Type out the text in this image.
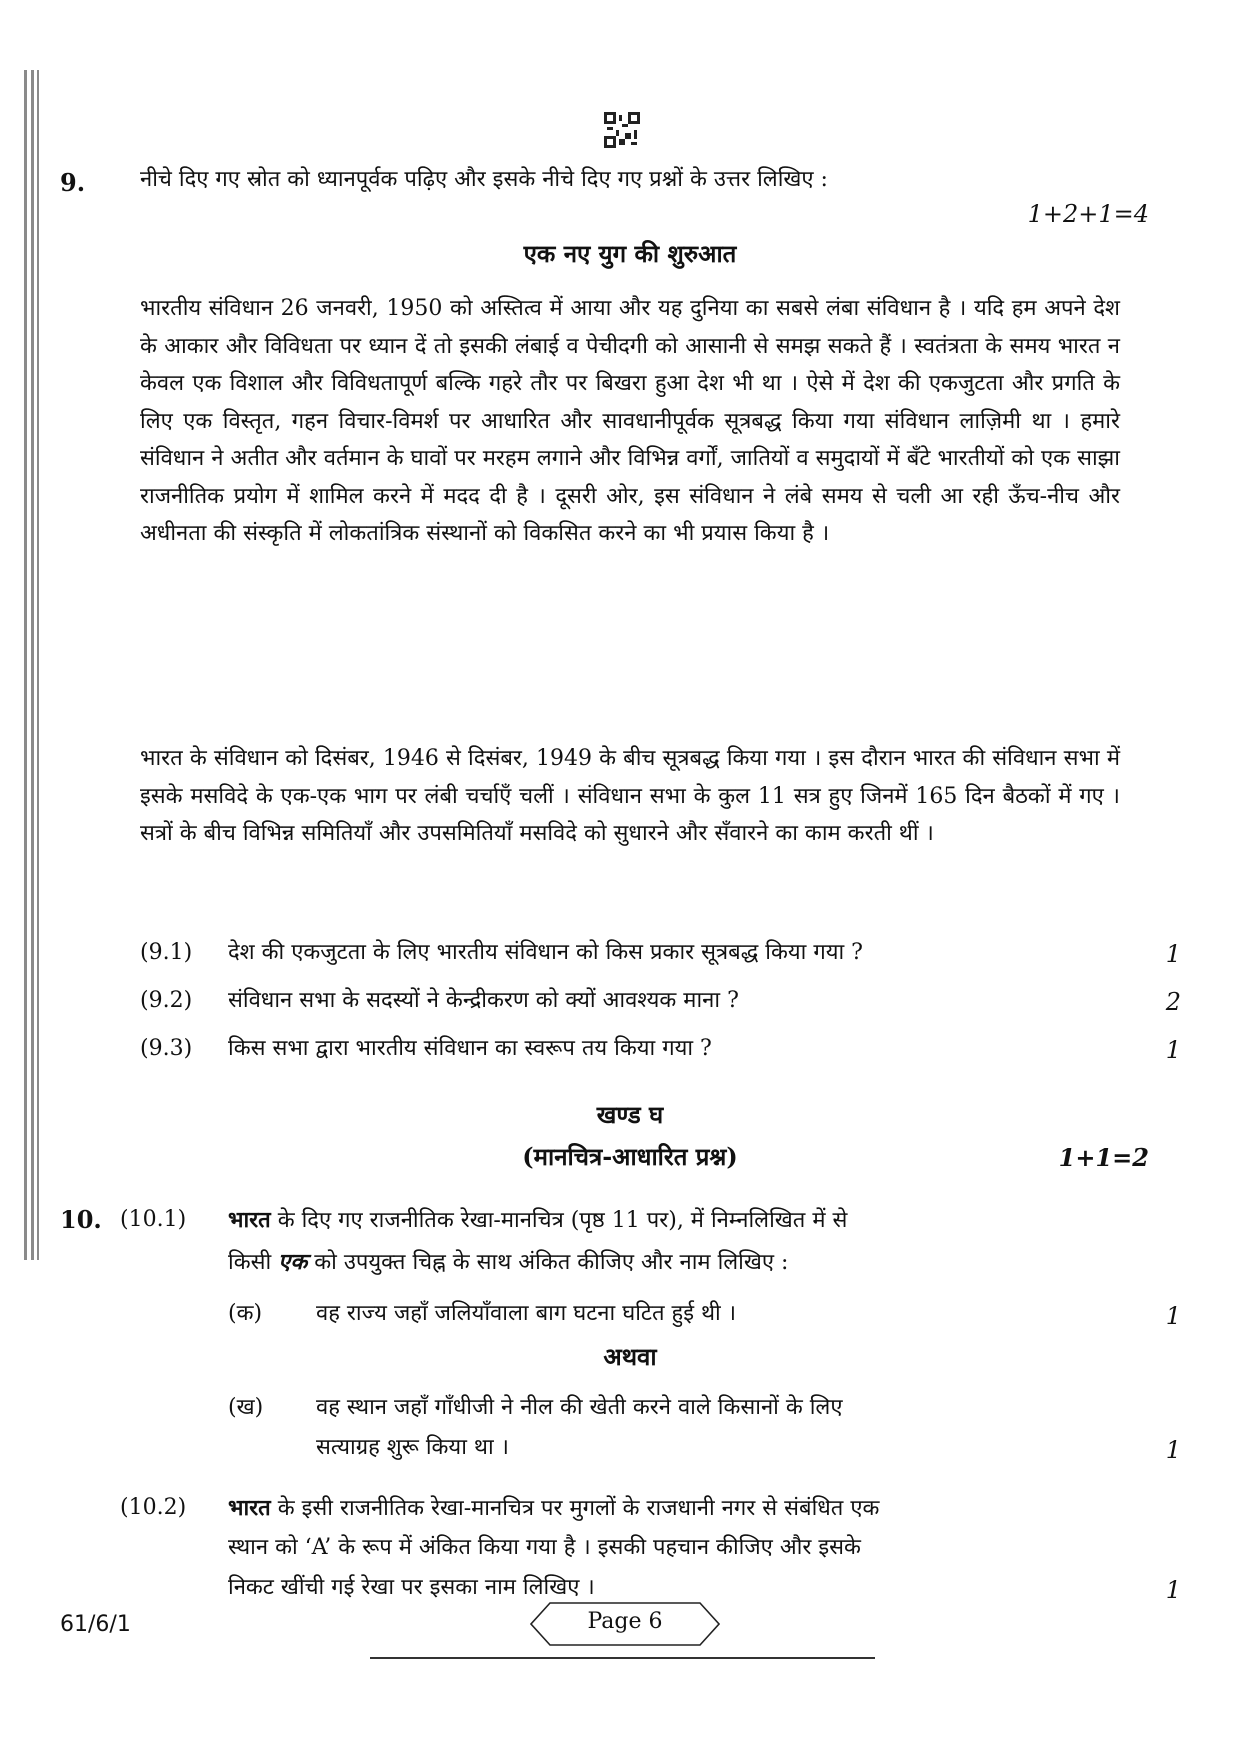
9. नीचे दिए गए स्रोत को ध्यानपूर्वक पढ़िए और इसके नीचे दिए गए प्रश्नों के उत्तर लिखिए :
1+2+1=4
एक नए युग की शुरुआत
भारतीय संविधान 26 जनवरी, 1950 को अस्तित्व में आया और यह दुनिया का सबसे लंबा संविधान है । यदि हम अपने देश के आकार और विविधता पर ध्यान दें तो इसकी लंबाई व पेचीदगी को आसानी से समझ सकते हैं । स्वतंत्रता के समय भारत न केवल एक विशाल और विविधतापूर्ण बल्कि गहरे तौर पर बिखरा हुआ देश भी था । ऐसे में देश की एकजुटता और प्रगति के लिए एक विस्तृत, गहन विचार-विमर्श पर आधारित और सावधानीपूर्वक सूत्रबद्ध किया गया संविधान लाज़िमी था । हमारे संविधान ने अतीत और वर्तमान के घावों पर मरहम लगाने और विभिन्न वर्गों, जातियों व समुदायों में बँटे भारतीयों को एक साझा राजनीतिक प्रयोग में शामिल करने में मदद दी है । दूसरी ओर, इस संविधान ने लंबे समय से चली आ रही ऊँच-नीच और अधीनता की संस्कृति में लोकतांत्रिक संस्थानों को विकसित करने का भी प्रयास किया है ।
भारत के संविधान को दिसंबर, 1946 से दिसंबर, 1949 के बीच सूत्रबद्ध किया गया । इस दौरान भारत की संविधान सभा में इसके मसविदे के एक-एक भाग पर लंबी चर्चाएँ चलीं । संविधान सभा के कुल 11 सत्र हुए जिनमें 165 दिन बैठकों में गए । सत्रों के बीच विभिन्न समितियाँ और उपसमितियाँ मसविदे को सुधारने और सँवारने का काम करती थीं ।
(9.1) देश की एकजुटता के लिए भारतीय संविधान को किस प्रकार सूत्रबद्ध किया गया ?	1
(9.2) संविधान सभा के सदस्यों ने केन्द्रीकरण को क्यों आवश्यक माना ?	2
(9.3) किस सभा द्वारा भारतीय संविधान का स्वरूप तय किया गया ?	1
खण्ड घ
(मानचित्र-आधारित प्रश्न)	1+1=2
10. (10.1) भारत के दिए गए राजनीतिक रेखा-मानचित्र (पृष्ठ 11 पर), में निम्नलिखित में से
किसी एक को उपयुक्त चिह्न के साथ अंकित कीजिए और नाम लिखिए :
(क) वह राज्य जहाँ जलियाँवाला बाग घटना घटित हुई थी ।	1
अथवा
(ख) वह स्थान जहाँ गाँधीजी ने नील की खेती करने वाले किसानों के लिए
सत्याग्रह शुरू किया था ।	1
(10.2) भारत के इसी राजनीतिक रेखा-मानचित्र पर मुगलों के राजधानी नगर से संबंधित एक
स्थान को ‘A’ के रूप में अंकित किया गया है । इसकी पहचान कीजिए और इसके
निकट खींची गई रेखा पर इसका नाम लिखिए ।	1
61/6/1	Page 6
